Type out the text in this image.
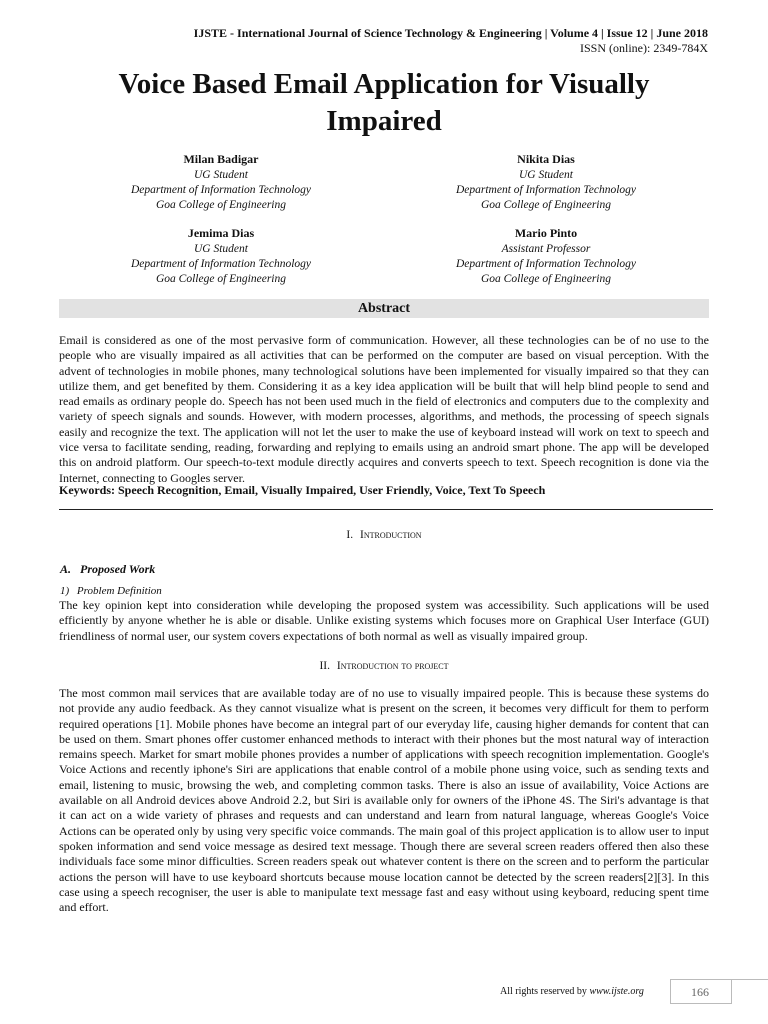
IJSTE - International Journal of Science Technology & Engineering | Volume 4 | Issue 12 | June 2018
ISSN (online): 2349-784X
Voice Based Email Application for Visually
Impaired
Milan Badigar
UG Student
Department of Information Technology
Goa College of Engineering
Nikita Dias
UG Student
Department of Information Technology
Goa College of Engineering
Jemima Dias
UG Student
Department of Information Technology
Goa College of Engineering
Mario Pinto
Assistant Professor
Department of Information Technology
Goa College of Engineering
Abstract
Email is considered as one of the most pervasive form of communication. However, all these technologies can be of no use to the people who are visually impaired as all activities that can be performed on the computer are based on visual perception. With the advent of technologies in mobile phones, many technological solutions have been implemented for visually impaired so that they can utilize them, and get benefited by them. Considering it as a key idea application will be built that will help blind people to send and read emails as ordinary people do. Speech has not been used much in the field of electronics and computers due to the complexity and variety of speech signals and sounds. However, with modern processes, algorithms, and methods, the processing of speech signals easily and recognize the text. The application will not let the user to make the use of keyboard instead will work on text to speech and vice versa to facilitate sending, reading, forwarding and replying to emails using an android smart phone. The app will be developed this on android platform. Our speech-to-text module directly acquires and converts speech to text. Speech recognition is done via the Internet, connecting to Googles server.
Keywords: Speech Recognition, Email, Visually Impaired, User Friendly, Voice, Text To Speech
I. Introduction
A. Proposed Work
1) Problem Definition
The key opinion kept into consideration while developing the proposed system was accessibility. Such applications will be used efficiently by anyone whether he is able or disable. Unlike existing systems which focuses more on Graphical User Interface (GUI) friendliness of normal user, our system covers expectations of both normal as well as visually impaired group.
II. Introduction to project
The most common mail services that are available today are of no use to visually impaired people. This is because these systems do not provide any audio feedback. As they cannot visualize what is present on the screen, it becomes very difficult for them to perform required operations [1]. Mobile phones have become an integral part of our everyday life, causing higher demands for content that can be used on them. Smart phones offer customer enhanced methods to interact with their phones but the most natural way of interaction remains speech. Market for smart mobile phones provides a number of applications with speech recognition implementation. Google's Voice Actions and recently iphone's Siri are applications that enable control of a mobile phone using voice, such as sending texts and email, listening to music, browsing the web, and completing common tasks. There is also an issue of availability, Voice Actions are available on all Android devices above Android 2.2, but Siri is available only for owners of the iPhone 4S. The Siri's advantage is that it can act on a wide variety of phrases and requests and can understand and learn from natural language, whereas Google's Voice Actions can be operated only by using very specific voice commands. The main goal of this project application is to allow user to input spoken information and send voice message as desired text message. Though there are several screen readers offered then also these individuals face some minor difficulties. Screen readers speak out whatever content is there on the screen and to perform the particular actions the person will have to use keyboard shortcuts because mouse location cannot be detected by the screen readers[2][3]. In this case using a speech recogniser, the user is able to manipulate text message fast and easy without using keyboard, reducing spent time and effort.
All rights reserved by www.ijste.org	166
